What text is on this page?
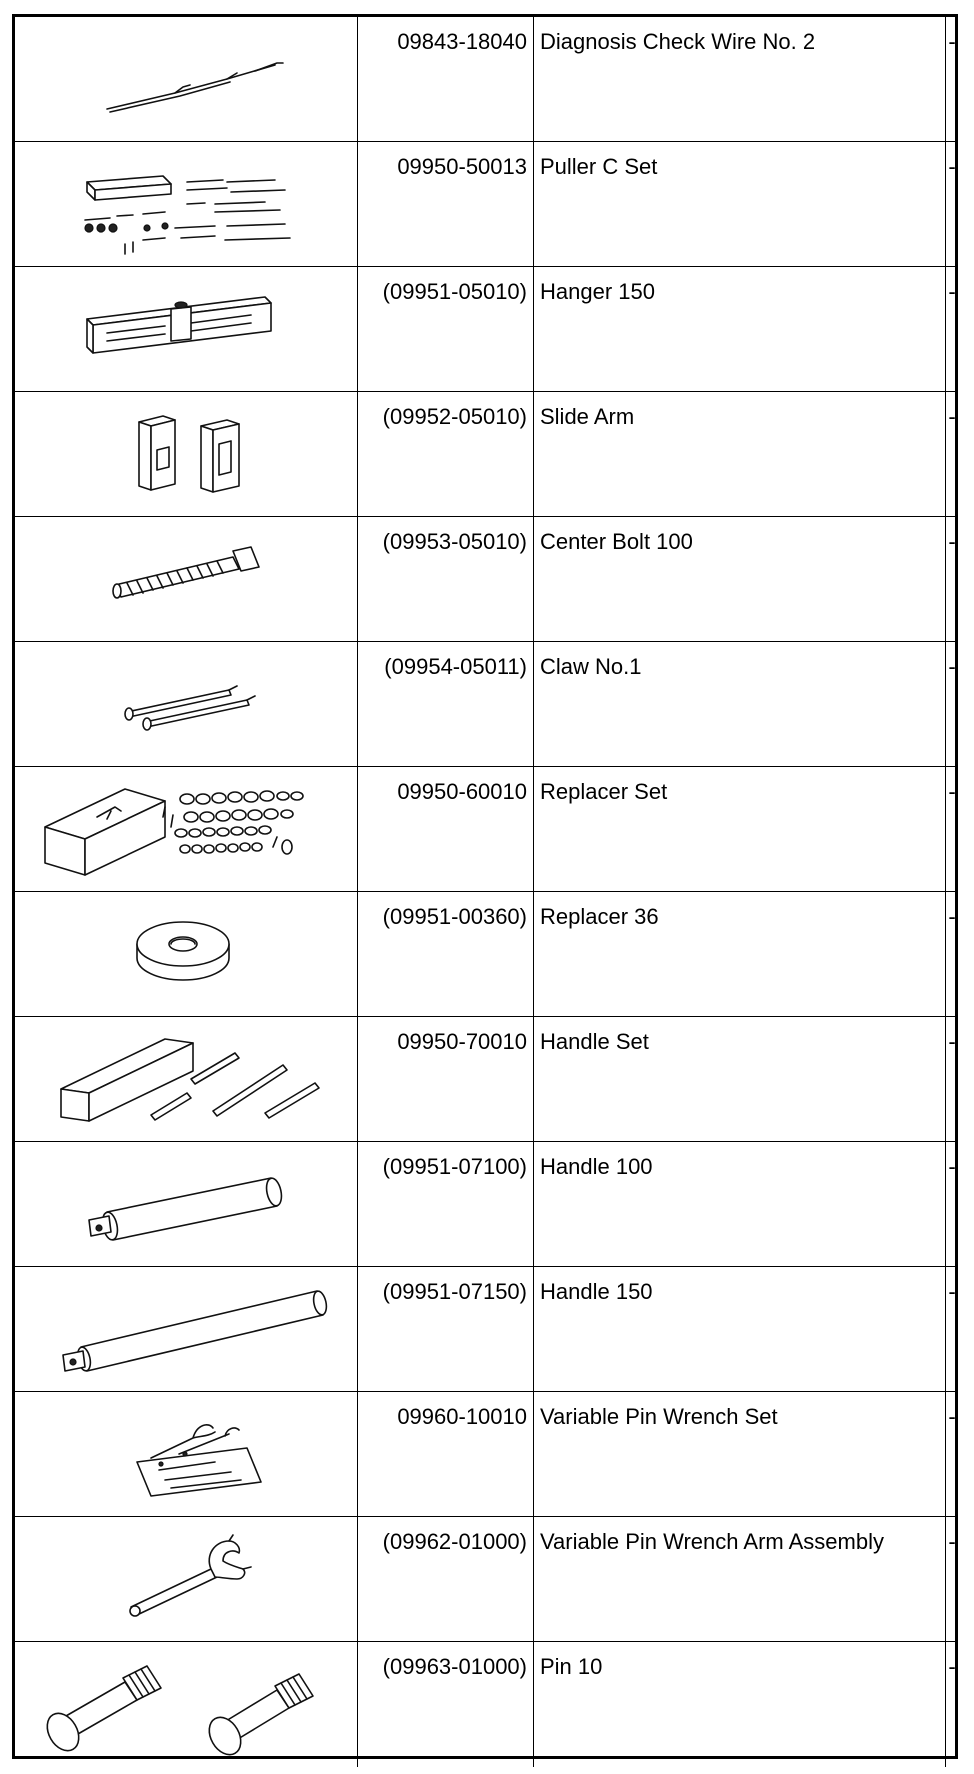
09843-18040 Diagnosis Check Wire No. 2	-
09950-50013 Puller C Set	-
(09951-05010) Hanger 150	-
(09952-05010) Slide Arm	-
(09953-05010) Center Bolt 100	-
(09954-05011) Claw No.1	-
09950-60010 Replacer Set	-
(09951-00360) Replacer 36	-
09950-70010 Handle Set	-
(09951-07100) Handle 100	-
(09951-07150) Handle 150	-
09960-10010 Variable Pin Wrench Set	-
(09962-01000) Variable Pin Wrench Arm Assembly	-
(09963-01000) Pin 10	-
